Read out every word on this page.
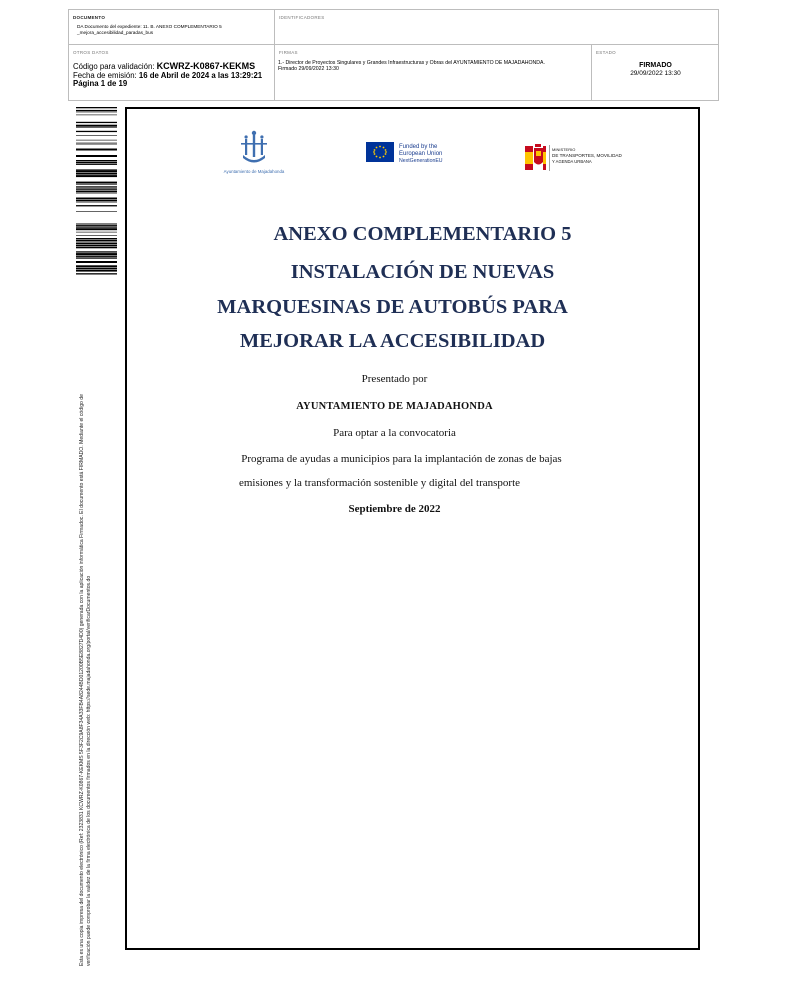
DOCUMENTO
DA Documento del expediente: 11. B. ANEXO COMPLEMENTARIO 5 _mejora_accesibilidad_paradas_bus
IDENTIFICADORES
OTROS DATOS
Código para validación: KCWRZ-K0867-KEKMS
Fecha de emisión: 16 de Abril de 2024 a las 13:29:21
Página 1 de 19
FIRMAS
1.- Director de Proyectos Singulares y Grandes Infraestructuras y Obras del AYUNTAMIENTO DE MAJADAHONDA.
Firmado 29/09/2022 13:30
ESTADO
FIRMADO
29/09/2022 13:30
Esta es una copia impresa del documento electrónico (Ref: 2323831 KCWRZ-K0867-KEKMS 5F3F2C9A8F34A33FB4A8244BD01200B5E8827D4D0) generada con la aplicación informática Firmadoc. El documento está FIRMADO. Mediante el código de verificación puede comprobar la validez de la firma electrónica de los documentos firmados en la dirección web: https://sede.majadahonda.org/portal/verificarDocumentos.do
Ayuntamiento de Majadahonda
Funded by the
European Union
NextGenerationEU
MINISTERIO
DE TRANSPORTES, MOVILIDAD
Y AGENDA URBANA
ANEXO COMPLEMENTARIO 5
INSTALACIÓN DE NUEVAS
MARQUESINAS DE AUTOBÚS PARA
MEJORAR LA ACCESIBILIDAD
Presentado por
AYUNTAMIENTO DE MAJADAHONDA
Para optar a la convocatoria
Programa de ayudas a municipios para la implantación de zonas de bajas
emisiones y la transformación sostenible y digital del transporte
Septiembre de 2022
